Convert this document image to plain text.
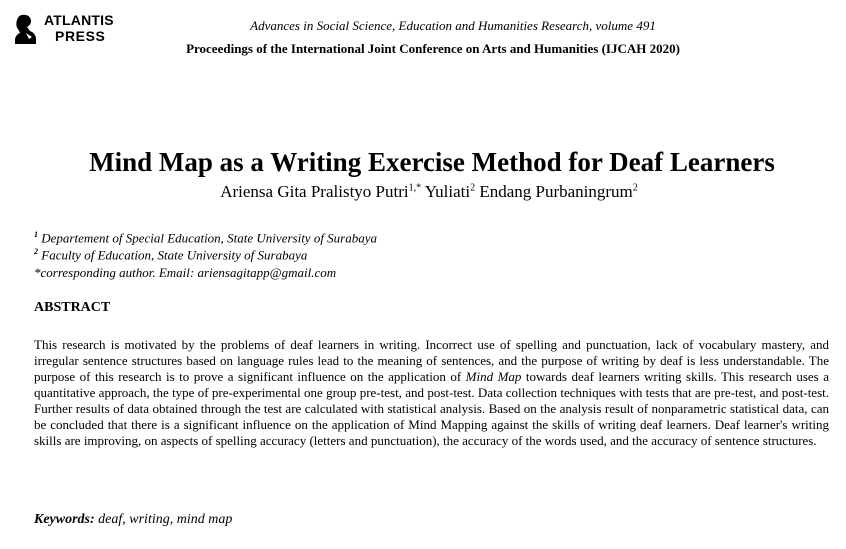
ATLANTIS
PRESS
Advances in Social Science, Education and Humanities Research, volume 491
Proceedings of the International Joint Conference on Arts and Humanities (IJCAH 2020)
Mind Map as a Writing Exercise Method for Deaf Learners
Ariensa Gita Pralistyo Putri$^{1,*}$ Yuliati$^2$ Endang Purbaningrum$^2$
$^1$ Departement of Special Education, State University of Surabaya
$^2$ Faculty of Education, State University of Surabaya
*corresponding author. Email: ariensagitapp@gmail.com
ABSTRACT
This research is motivated by the problems of deaf learners in writing. Incorrect use of spelling and punctuation, lack of vocabulary mastery, and irregular sentence structures based on language rules lead to the meaning of sentences, and the purpose of writing by deaf is less understandable. The purpose of this research is to prove a significant influence on the application of Mind Map towards deaf learners writing skills. This research uses a quantitative approach, the type of pre-experimental one group pre-test, and post-test. Data collection techniques with tests that are pre-test, and post-test. Further results of data obtained through the test are calculated with statistical analysis. Based on the analysis result of nonparametric statistical data, can be concluded that there is a significant influence on the application of Mind Mapping against the skills of writing deaf learners. Deaf learner's writing skills are improving, on aspects of spelling accuracy (letters and punctuation), the accuracy of the words used, and the accuracy of sentence structures.
Keywords: deaf, writing, mind map
